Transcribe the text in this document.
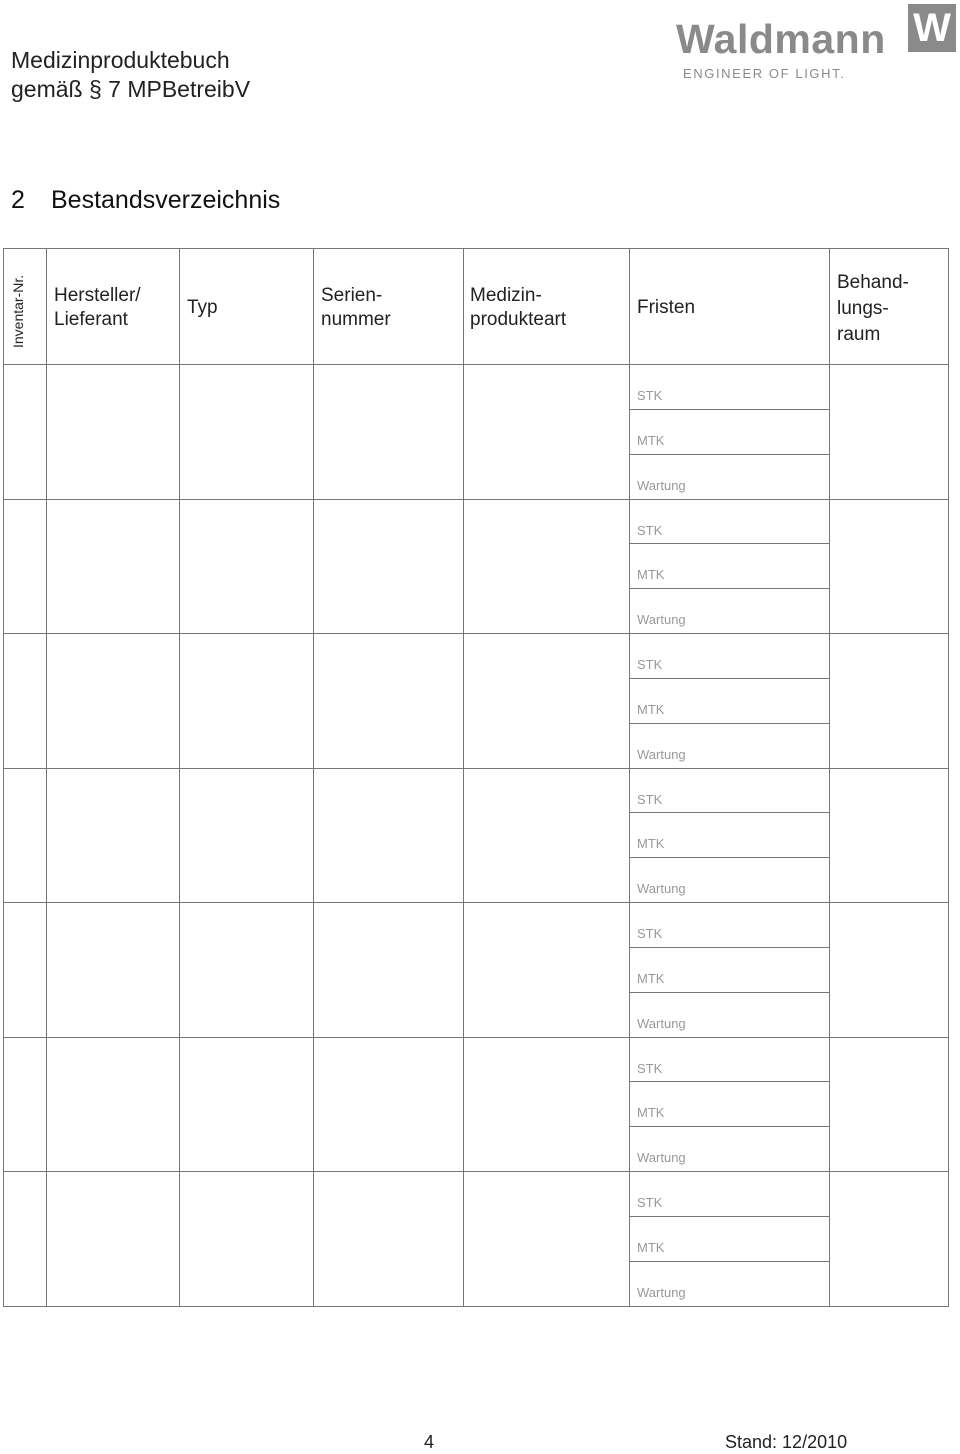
Medizinproduktebuch
gemäß § 7 MPBetreibV
Waldmann W
ENGINEER OF LIGHT.
2 Bestandsverzeichnis
Inventar-Nr. Hersteller/
Lieferant
Typ
Serien-
nummer
Medizin-
produkteart
Fristen
Behand-
lungs-
raum
STK
MTK
Wartung
STK
MTK
Wartung
STK
MTK
Wartung
STK
MTK
Wartung
STK
MTK
Wartung
STK
MTK
Wartung
STK
MTK
Wartung
4	Stand: 12/2010
